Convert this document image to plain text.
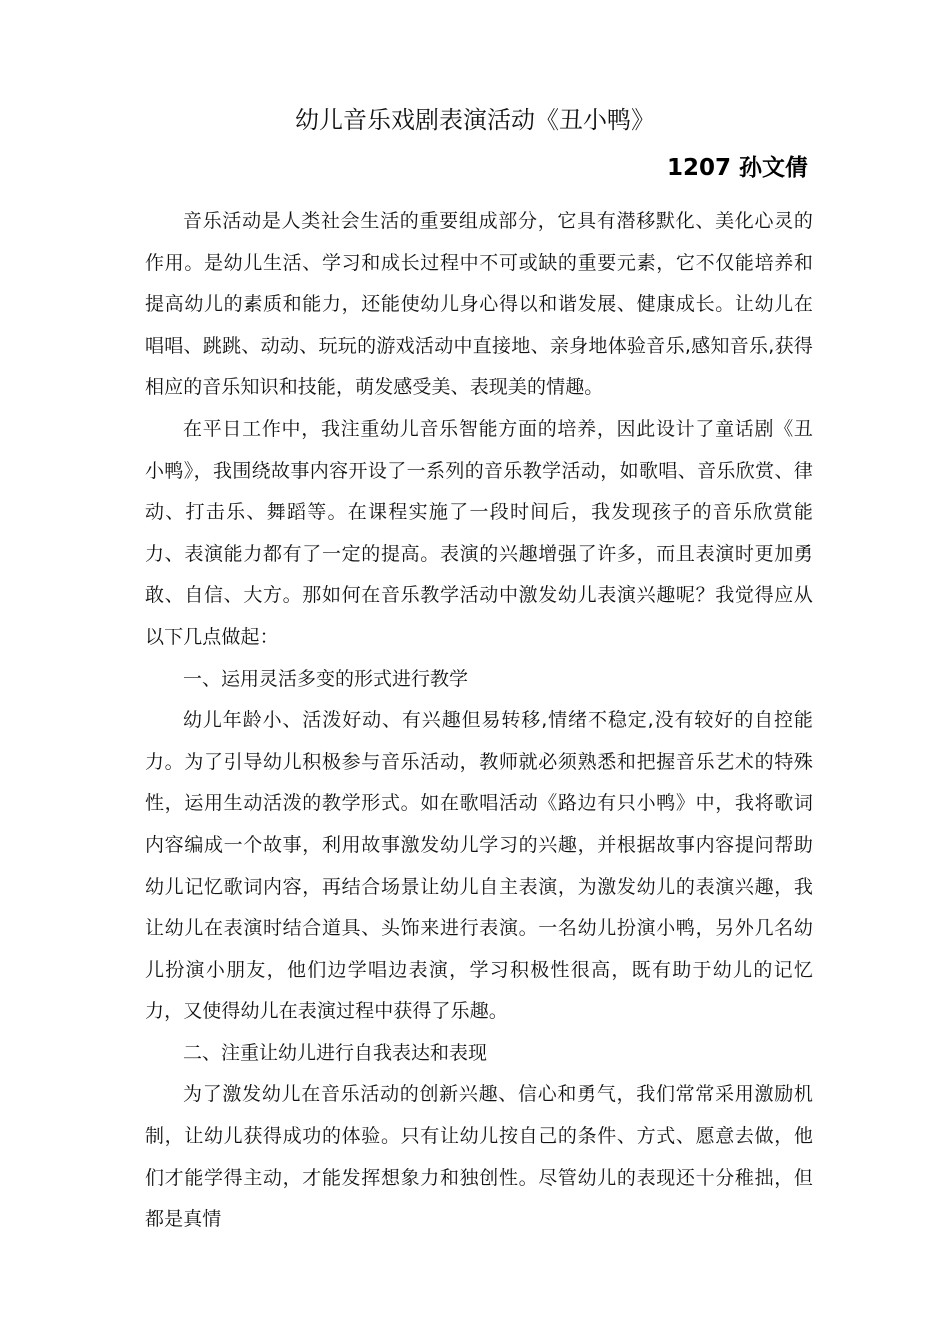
幼儿音乐戏剧表演活动《丑小鸭》
1207 孙文倩

音乐活动是人类社会生活的重要组成部分，它具有潜移默化、美化心灵的作用。是幼儿生活、学习和成长过程中不可或缺的重要元素，它不仅能培养和提高幼儿的素质和能力，还能使幼儿身心得以和谐发展、健康成长。让幼儿在唱唱、跳跳、动动、玩玩的游戏活动中直接地、亲身地体验音乐,感知音乐,获得相应的音乐知识和技能，萌发感受美、表现美的情趣。

在平日工作中，我注重幼儿音乐智能方面的培养，因此设计了童话剧《丑小鸭》，我围绕故事内容开设了一系列的音乐教学活动，如歌唱、音乐欣赏、律动、打击乐、舞蹈等。在课程实施了一段时间后，我发现孩子的音乐欣赏能力、表演能力都有了一定的提高。表演的兴趣增强了许多，而且表演时更加勇敢、自信、大方。那如何在音乐教学活动中激发幼儿表演兴趣呢？我觉得应从以下几点做起：

一、运用灵活多变的形式进行教学

幼儿年龄小、活泼好动、有兴趣但易转移,情绪不稳定,没有较好的自控能力。为了引导幼儿积极参与音乐活动，教师就必须熟悉和把握音乐艺术的特殊性，运用生动活泼的教学形式。如在歌唱活动《路边有只小鸭》中，我将歌词内容编成一个故事，利用故事激发幼儿学习的兴趣，并根据故事内容提问帮助幼儿记忆歌词内容，再结合场景让幼儿自主表演，为激发幼儿的表演兴趣，我让幼儿在表演时结合道具、头饰来进行表演。一名幼儿扮演小鸭，另外几名幼儿扮演小朋友，他们边学唱边表演，学习积极性很高，既有助于幼儿的记忆力，又使得幼儿在表演过程中获得了乐趣。

二、注重让幼儿进行自我表达和表现

为了激发幼儿在音乐活动的创新兴趣、信心和勇气，我们常常采用激励机制，让幼儿获得成功的体验。只有让幼儿按自己的条件、方式、愿意去做，他们才能学得主动，才能发挥想象力和独创性。尽管幼儿的表现还十分稚拙，但都是真情
